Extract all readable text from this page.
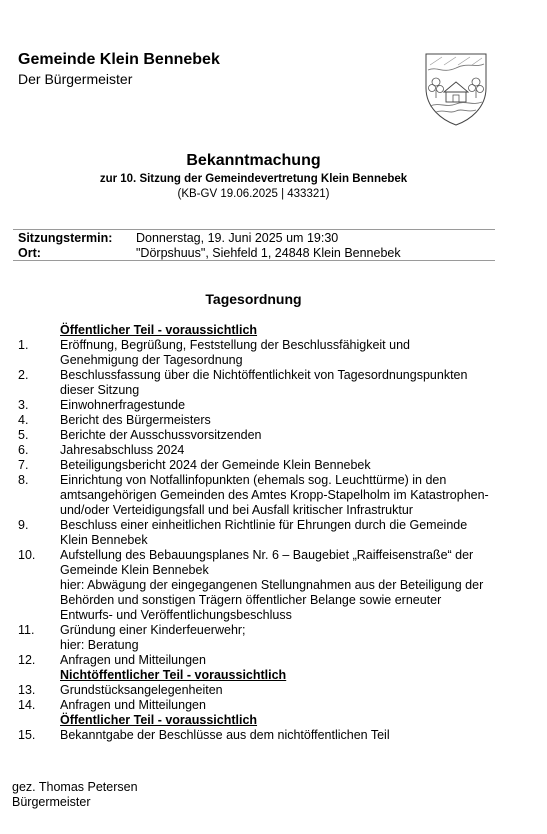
Gemeinde Klein Bennebek
Der Bürgermeister
Bekanntmachung
zur 10. Sitzung der Gemeindevertretung Klein Bennebek
(KB-GV 19.06.2025 | 433321)
Sitzungstermin: Donnerstag, 19. Juni 2025 um 19:30
Ort:	"Dörpshuus", Siehfeld 1, 24848 Klein Bennebek
Tagesordnung
Öffentlicher Teil - voraussichtlich
1.	Eröffnung, Begrüßung, Feststellung der Beschlussfähigkeit und
Genehmigung der Tagesordnung
2.	Beschlussfassung über die Nichtöffentlichkeit von Tagesordnungspunkten
dieser Sitzung
3.	Einwohnerfragestunde
4.	Bericht des Bürgermeisters
5.	Berichte der Ausschussvorsitzenden
6.	Jahresabschluss 2024
7.	Beteiligungsbericht 2024 der Gemeinde Klein Bennebek
8.	Einrichtung von Notfallinfopunkten (ehemals sog. Leuchttürme) in den
amtsangehörigen Gemeinden des Amtes Kropp-Stapelholm im Katastrophen-
und/oder Verteidigungsfall und bei Ausfall kritischer Infrastruktur
9.	Beschluss einer einheitlichen Richtlinie für Ehrungen durch die Gemeinde
Klein Bennebek
10.	Aufstellung des Bebauungsplanes Nr. 6 – Baugebiet „Raiffeisenstraße“ der
Gemeinde Klein Bennebek
hier: Abwägung der eingegangenen Stellungnahmen aus der Beteiligung der
Behörden und sonstigen Trägern öffentlicher Belange sowie erneuter
Entwurfs- und Veröffentlichungsbeschluss
11.	Gründung einer Kinderfeuerwehr;
hier: Beratung
12.	Anfragen und Mitteilungen
Nichtöffentlicher Teil - voraussichtlich
13.	Grundstücksangelegenheiten
14.	Anfragen und Mitteilungen
Öffentlicher Teil - voraussichtlich
15.	Bekanntgabe der Beschlüsse aus dem nichtöffentlichen Teil
gez. Thomas Petersen
Bürgermeister
